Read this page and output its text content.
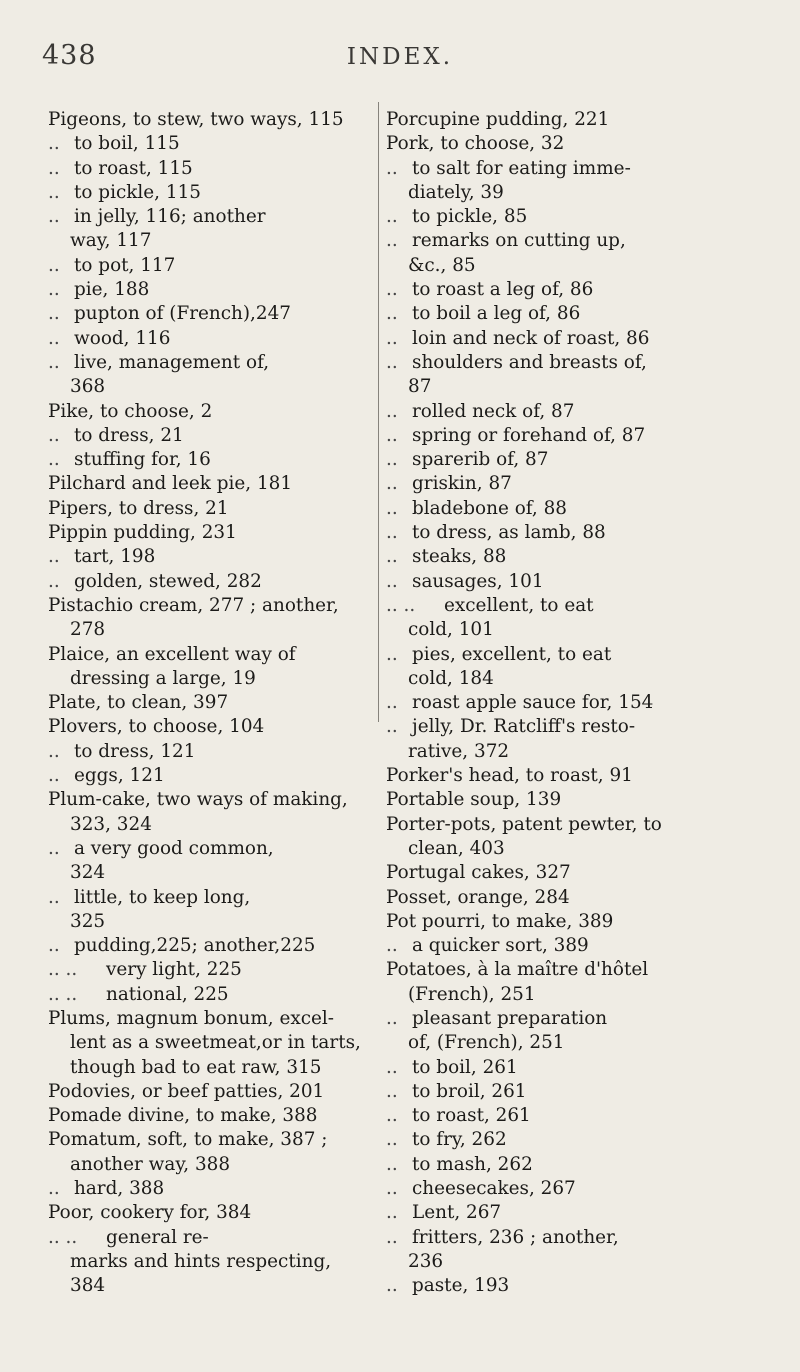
438	INDEX.
Pigeons, to stew, two ways, 115
.. to boil, 115
.. to roast, 115
.. to pickle, 115
.. in jelly, 116; another
way, 117
.. to pot, 117
.. pie, 188
.. pupton of (French),247
.. wood, 116
.. live, management of,
368
Pike, to choose, 2
.. to dress, 21
.. stuffing for, 16
Pilchard and leek pie, 181
Pipers, to dress, 21
Pippin pudding, 231
.. tart, 198
.. golden, stewed, 282
Pistachio cream, 277 ; another,
278
Plaice, an excellent way of
dressing a large, 19
Plate, to clean, 397
Plovers, to choose, 104
.. to dress, 121
.. eggs, 121
Plum-cake, two ways of making,
323, 324
.. a very good common,
324
.. little, to keep long,
325
.. pudding,225; another,225
.. .. very light, 225
.. .. national, 225
Plums, magnum bonum, excel-
lent as a sweetmeat,or in tarts,
though bad to eat raw, 315
Podovies, or beef patties, 201
Pomade divine, to make, 388
Pomatum, soft, to make, 387 ;
another way, 388
.. hard, 388
Poor, cookery for, 384
.. .. general re-
marks and hints respecting,
384
Porcupine pudding, 221
Pork, to choose, 32
.. to salt for eating imme-
diately, 39
.. to pickle, 85
.. remarks on cutting up,
&c., 85
.. to roast a leg of, 86
.. to boil a leg of, 86
.. loin and neck of roast, 86
.. shoulders and breasts of,
87
.. rolled neck of, 87
.. spring or forehand of, 87
.. sparerib of, 87
.. griskin, 87
.. bladebone of, 88
.. to dress, as lamb, 88
.. steaks, 88
.. sausages, 101
.. .. excellent, to eat
cold, 101
.. pies, excellent, to eat
cold, 184
.. roast apple sauce for, 154
.. jelly, Dr. Ratcliff's resto-
rative, 372
Porker's head, to roast, 91
Portable soup, 139
Porter-pots, patent pewter, to
clean, 403
Portugal cakes, 327
Posset, orange, 284
Pot pourri, to make, 389
.. a quicker sort, 389
Potatoes, à la maître d'hôtel
(French), 251
.. pleasant preparation
of, (French), 251
.. to boil, 261
.. to broil, 261
.. to roast, 261
.. to fry, 262
.. to mash, 262
.. cheesecakes, 267
.. Lent, 267
.. fritters, 236 ; another,
236
.. paste, 193
